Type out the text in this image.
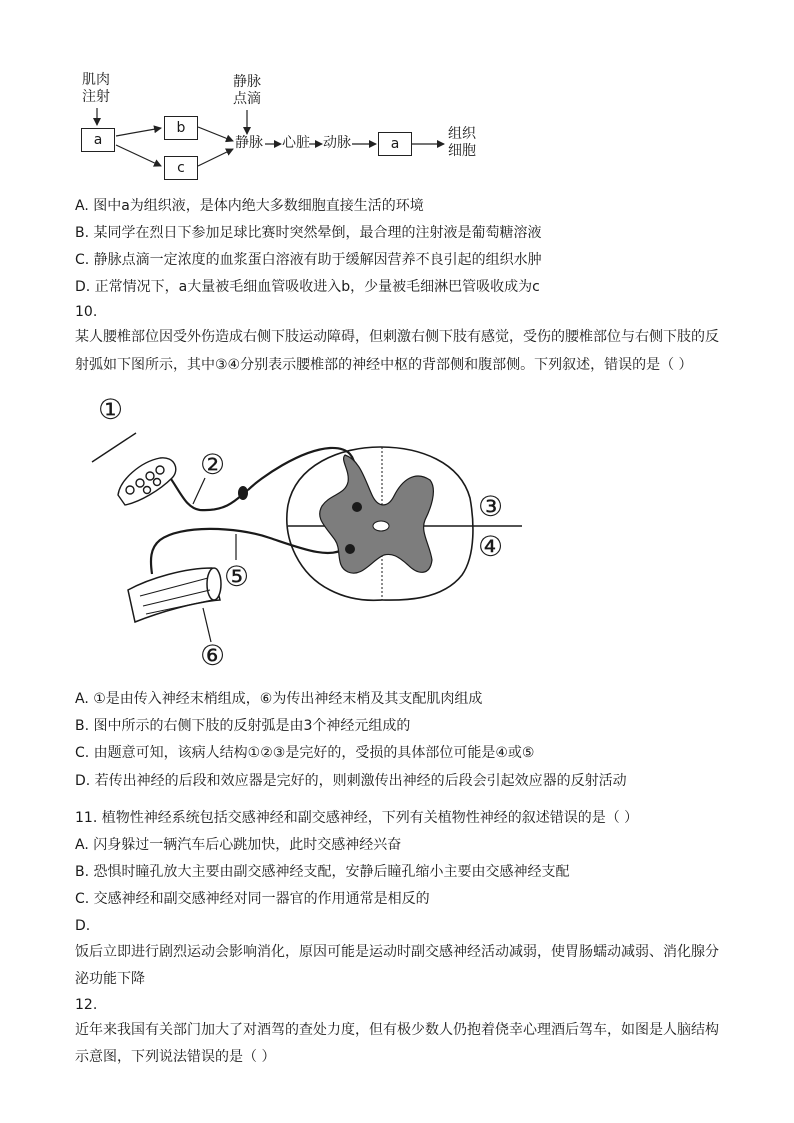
肌肉
注射
静脉
点滴
a
b
c
静脉 心脏 动脉	a
组织
细胞
A. 图中a为组织液，是体内绝大多数细胞直接生活的环境
B. 某同学在烈日下参加足球比赛时突然晕倒，最合理的注射液是葡萄糖溶液
C. 静脉点滴一定浓度的血浆蛋白溶液有助于缓解因营养不良引起的组织水肿
D. 正常情况下，a大量被毛细血管吸收进入b，少量被毛细淋巴管吸收成为c
10.
某人腰椎部位因受外伤造成右侧下肢运动障碍，但刺激右侧下肢有感觉，受伤的腰椎部位与右侧下肢的反
射弧如下图所示，其中③④分别表示腰椎部的神经中枢的背部侧和腹部侧。下列叙述，错误的是（ ）
①
②
③
④
⑤
⑥
A. ①是由传入神经末梢组成，⑥为传出神经末梢及其支配肌肉组成
B. 图中所示的右侧下肢的反射弧是由3个神经元组成的
C. 由题意可知，该病人结构①②③是完好的，受损的具体部位可能是④或⑤
D. 若传出神经的后段和效应器是完好的，则刺激传出神经的后段会引起效应器的反射活动
11. 植物性神经系统包括交感神经和副交感神经，下列有关植物性神经的叙述错误的是（ ）
A. 闪身躲过一辆汽车后心跳加快，此时交感神经兴奋
B. 恐惧时瞳孔放大主要由副交感神经支配，安静后瞳孔缩小主要由交感神经支配
C. 交感神经和副交感神经对同一器官的作用通常是相反的
D.
饭后立即进行剧烈运动会影响消化，原因可能是运动时副交感神经活动减弱，使胃肠蠕动减弱、消化腺分
泌功能下降
12.
近年来我国有关部门加大了对酒驾的查处力度，但有极少数人仍抱着侥幸心理酒后驾车，如图是人脑结构
示意图，下列说法错误的是（ ）
